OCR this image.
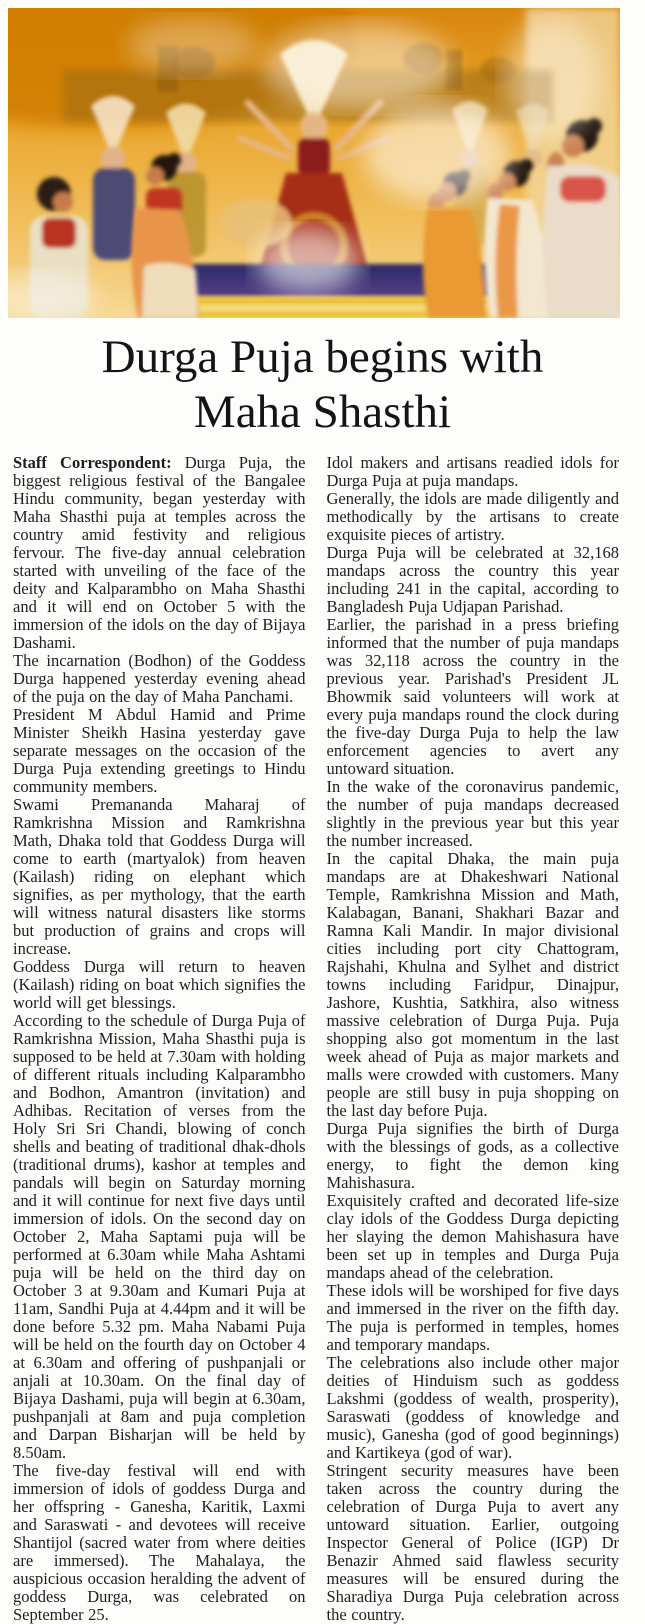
Durga Puja begins with
Maha Shasthi

Staff Correspondent: Durga Puja, the biggest religious festival of the Bangalee Hindu community, began yesterday with Maha Shasthi puja at temples across the country amid festivity and religious fervour. The five-day annual celebration started with unveiling of the face of the deity and Kalparambho on Maha Shasthi and it will end on October 5 with the immersion of the idols on the day of Bijaya Dashami.

The incarnation (Bodhon) of the Goddess Durga happened yesterday evening ahead of the puja on the day of Maha Panchami.

President M Abdul Hamid and Prime Minister Sheikh Hasina yesterday gave separate messages on the occasion of the Durga Puja extending greetings to Hindu community members.

Swami Premananda Maharaj of Ramkrishna Mission and Ramkrishna Math, Dhaka told that Goddess Durga will come to earth (martyalok) from heaven (Kailash) riding on elephant which signifies, as per mythology, that the earth will witness natural disasters like storms but production of grains and crops will increase.

Goddess Durga will return to heaven (Kailash) riding on boat which signifies the world will get blessings.

According to the schedule of Durga Puja of Ramkrishna Mission, Maha Shasthi puja is supposed to be held at 7.30am with holding of different rituals including Kalparambho and Bodhon, Amantron (invitation) and Adhibas. Recitation of verses from the Holy Sri Sri Chandi, blowing of conch shells and beating of traditional dhak-dhols (traditional drums), kashor at temples and pandals will begin on Saturday morning and it will continue for next five days until immersion of idols. On the second day on October 2, Maha Saptami puja will be performed at 6.30am while Maha Ashtami puja will be held on the third day on October 3 at 9.30am and Kumari Puja at 11am, Sandhi Puja at 4.44pm and it will be done before 5.32 pm. Maha Nabami Puja will be held on the fourth day on October 4 at 6.30am and offering of pushpanjali or anjali at 10.30am. On the final day of Bijaya Dashami, puja will begin at 6.30am, pushpanjali at 8am and puja completion and Darpan Bisharjan will be held by 8.50am.

The five-day festival will end with immersion of idols of goddess Durga and her offspring - Ganesha, Karitik, Laxmi and Saraswati - and devotees will receive Shantijol (sacred water from where deities are immersed). The Mahalaya, the auspicious occasion heralding the advent of goddess Durga, was celebrated on September 25.

Idol makers and artisans readied idols for Durga Puja at puja mandaps.

Generally, the idols are made diligently and methodically by the artisans to create exquisite pieces of artistry.

Durga Puja will be celebrated at 32,168 mandaps across the country this year including 241 in the capital, according to Bangladesh Puja Udjapan Parishad.

Earlier, the parishad in a press briefing informed that the number of puja mandaps was 32,118 across the country in the previous year. Parishad's President JL Bhowmik said volunteers will work at every puja mandaps round the clock during the five-day Durga Puja to help the law enforcement agencies to avert any untoward situation.

In the wake of the coronavirus pandemic, the number of puja mandaps decreased slightly in the previous year but this year the number increased.

In the capital Dhaka, the main puja mandaps are at Dhakeshwari National Temple, Ramkrishna Mission and Math, Kalabagan, Banani, Shakhari Bazar and Ramna Kali Mandir. In major divisional cities including port city Chattogram, Rajshahi, Khulna and Sylhet and district towns including Faridpur, Dinajpur, Jashore, Kushtia, Satkhira, also witness massive celebration of Durga Puja. Puja shopping also got momentum in the last week ahead of Puja as major markets and malls were crowded with customers. Many people are still busy in puja shopping on the last day before Puja.

Durga Puja signifies the birth of Durga with the blessings of gods, as a collective energy, to fight the demon king Mahishasura.

Exquisitely crafted and decorated life-size clay idols of the Goddess Durga depicting her slaying the demon Mahishasura have been set up in temples and Durga Puja mandaps ahead of the celebration.

These idols will be worshiped for five days and immersed in the river on the fifth day. The puja is performed in temples, homes and temporary mandaps.

The celebrations also include other major deities of Hinduism such as goddess Lakshmi (goddess of wealth, prosperity), Saraswati (goddess of knowledge and music), Ganesha (god of good beginnings) and Kartikeya (god of war).

Stringent security measures have been taken across the country during the celebration of Durga Puja to avert any untoward situation. Earlier, outgoing Inspector General of Police (IGP) Dr Benazir Ahmed said flawless security measures will be ensured during the Sharadiya Durga Puja celebration across the country.
